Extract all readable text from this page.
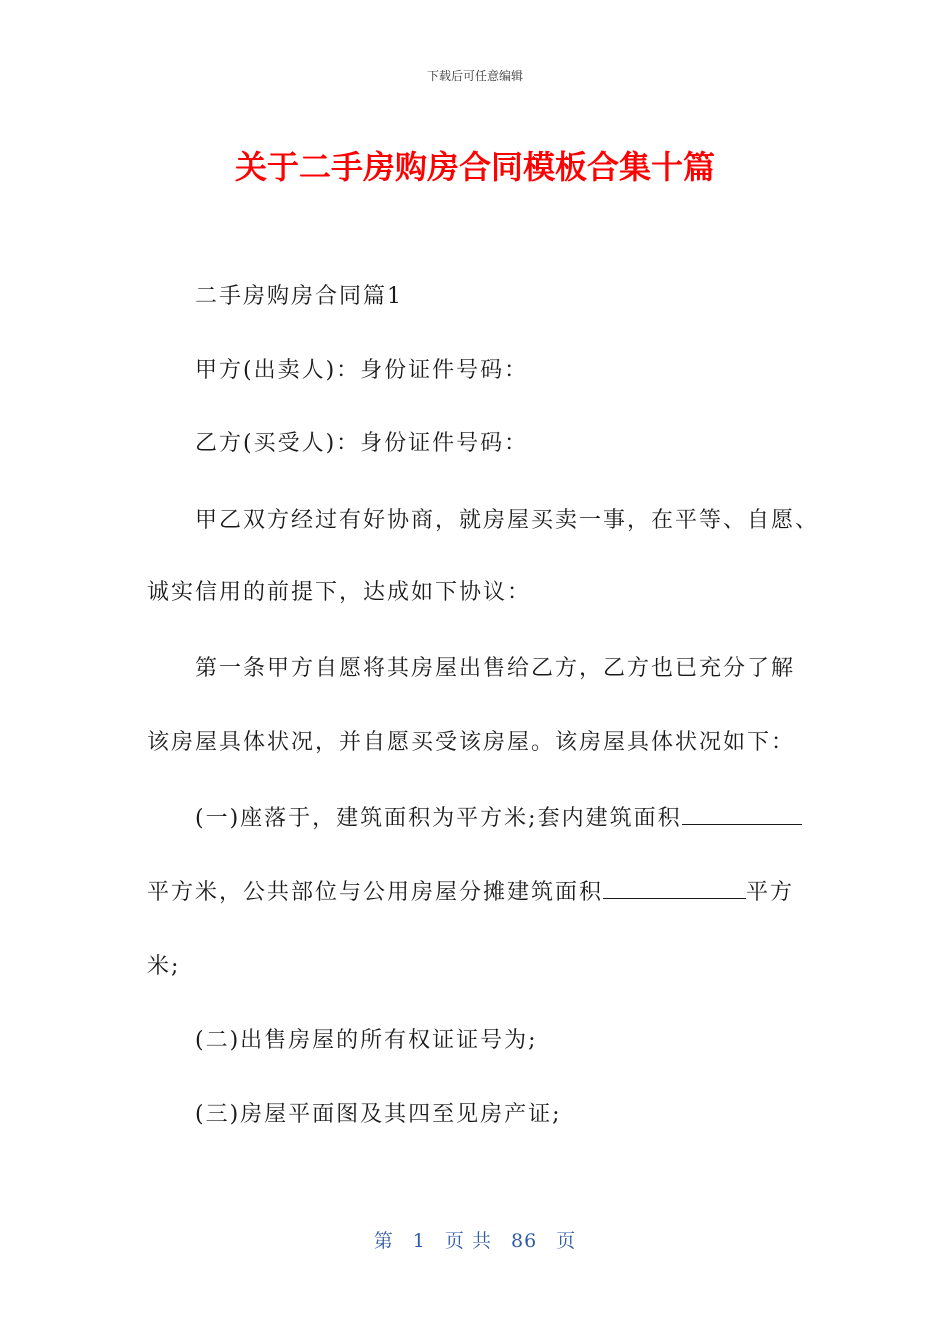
下载后可任意编辑
关于二手房购房合同模板合集十篇
二手房购房合同篇1
甲方(出卖人)：身份证件号码：
乙方(买受人)：身份证件号码：
甲乙双方经过有好协商，就房屋买卖一事，在平等、自愿、
诚实信用的前提下，达成如下协议：
第一条甲方自愿将其房屋出售给乙方，乙方也已充分了解
该房屋具体状况，并自愿买受该房屋。该房屋具体状况如下：
(一)座落于，建筑面积为平方米;套内建筑面积
平方米，公共部位与公用房屋分摊建筑面积	平方
米;
(二)出售房屋的所有权证证号为;
(三)房屋平面图及其四至见房产证;
第 1 页 共 86 页
